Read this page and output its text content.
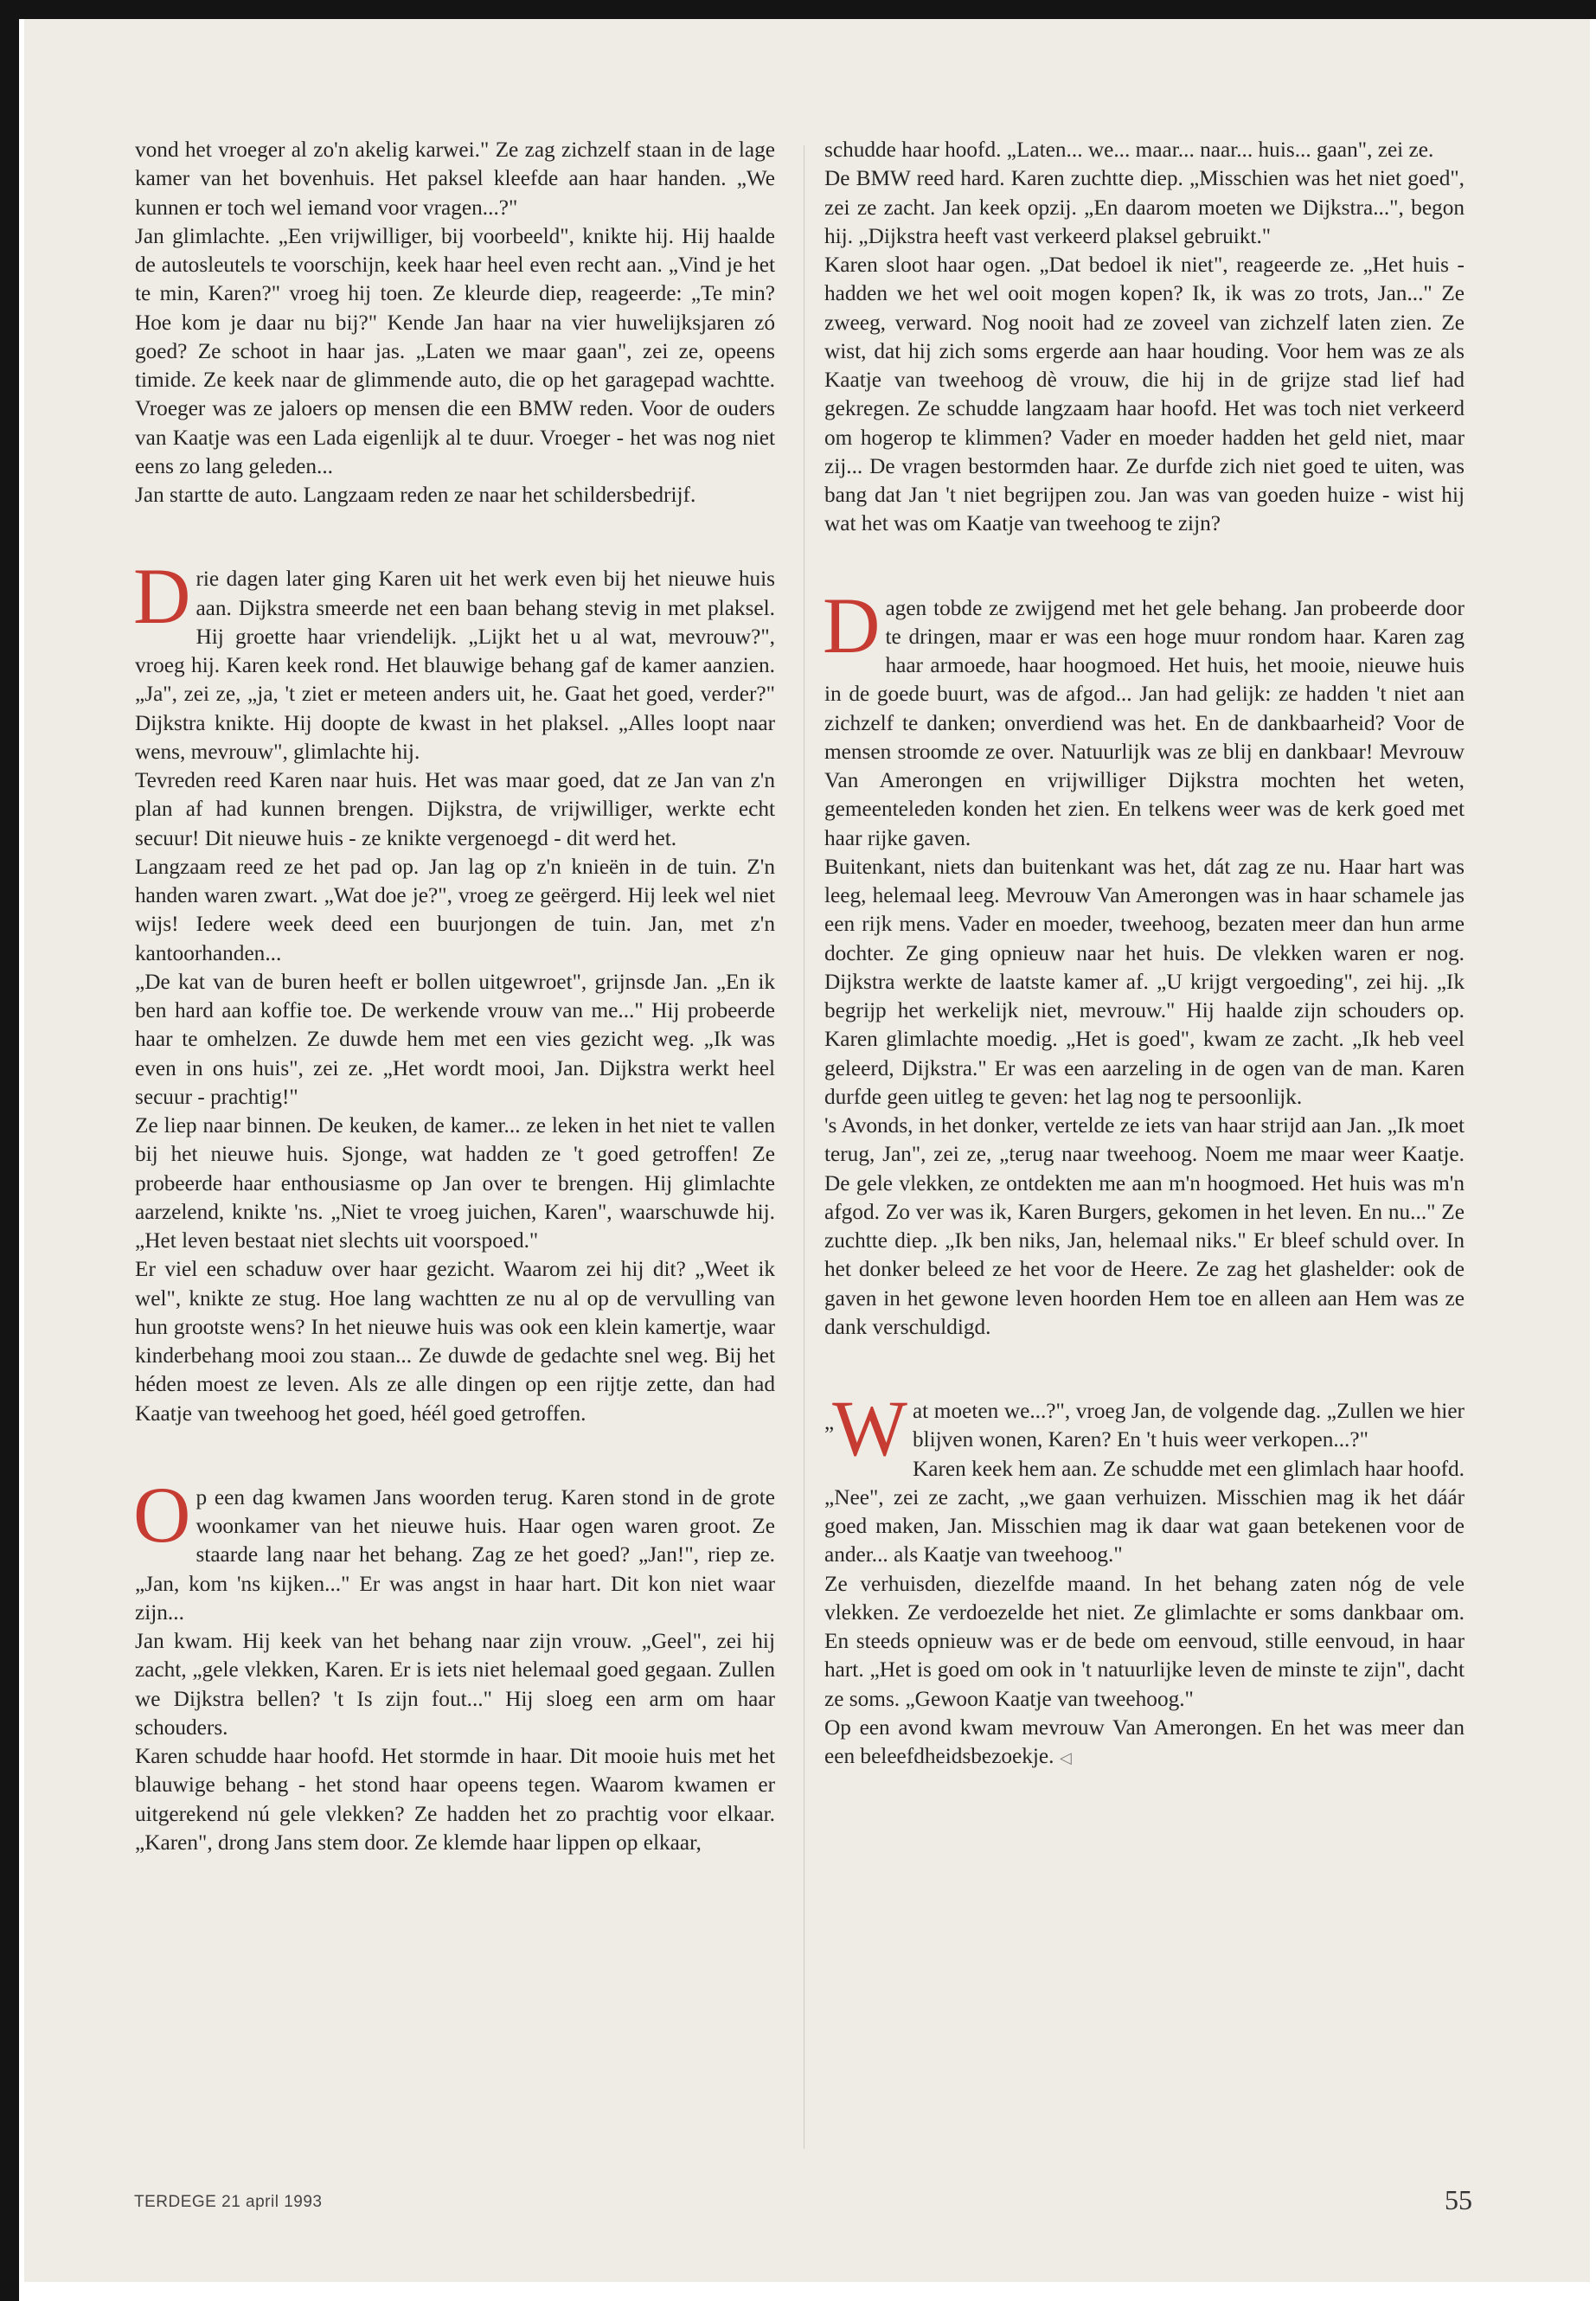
vond het vroeger al zo'n akelig karwei." Ze zag zichzelf staan in de lage kamer van het bovenhuis. Het paksel kleefde aan haar handen. „We kunnen er toch wel iemand voor vragen...?"

Jan glimlachte. „Een vrijwilliger, bij voorbeeld", knikte hij. Hij haalde de autosleutels te voorschijn, keek haar heel even recht aan. „Vind je het te min, Karen?" vroeg hij toen. Ze kleurde diep, reageerde: „Te min? Hoe kom je daar nu bij?" Kende Jan haar na vier huwelijksjaren zó goed? Ze schoot in haar jas. „Laten we maar gaan", zei ze, opeens timide. Ze keek naar de glimmende auto, die op het garagepad wachtte. Vroeger was ze jaloers op mensen die een BMW reden. Voor de ouders van Kaatje was een Lada eigenlijk al te duur. Vroeger - het was nog niet eens zo lang geleden...

Jan startte de auto. Langzaam reden ze naar het schildersbedrijf.

Drie dagen later ging Karen uit het werk even bij het nieuwe huis aan. Dijkstra smeerde net een baan behang stevig in met plaksel. Hij groette haar vriendelijk. „Lijkt het u al wat, mevrouw?", vroeg hij. Karen keek rond. Het blauwige behang gaf de kamer aanzien. „Ja", zei ze, „ja, 't ziet er meteen anders uit, he. Gaat het goed, verder?" Dijkstra knikte. Hij doopte de kwast in het plaksel. „Alles loopt naar wens, mevrouw", glimlachte hij.

Tevreden reed Karen naar huis. Het was maar goed, dat ze Jan van z'n plan af had kunnen brengen. Dijkstra, de vrijwilliger, werkte echt secuur! Dit nieuwe huis - ze knikte vergenoegd - dit werd het.

Langzaam reed ze het pad op. Jan lag op z'n knieën in de tuin. Z'n handen waren zwart. „Wat doe je?", vroeg ze geërgerd. Hij leek wel niet wijs! Iedere week deed een buurjongen de tuin. Jan, met z'n kantoorhanden...

„De kat van de buren heeft er bollen uitgewroet", grijnsde Jan. „En ik ben hard aan koffie toe. De werkende vrouw van me..." Hij probeerde haar te omhelzen. Ze duwde hem met een vies gezicht weg. „Ik was even in ons huis", zei ze. „Het wordt mooi, Jan. Dijkstra werkt heel secuur - prachtig!"

Ze liep naar binnen. De keuken, de kamer... ze leken in het niet te vallen bij het nieuwe huis. Sjonge, wat hadden ze 't goed getroffen! Ze probeerde haar enthousiasme op Jan over te brengen. Hij glimlachte aarzelend, knikte 'ns. „Niet te vroeg juichen, Karen", waarschuwde hij. „Het leven bestaat niet slechts uit voorspoed."

Er viel een schaduw over haar gezicht. Waarom zei hij dit? „Weet ik wel", knikte ze stug. Hoe lang wachtten ze nu al op de vervulling van hun grootste wens? In het nieuwe huis was ook een klein kamertje, waar kinderbehang mooi zou staan... Ze duwde de gedachte snel weg. Bij het héden moest ze leven. Als ze alle dingen op een rijtje zette, dan had Kaatje van tweehoog het goed, héél goed getroffen.

Op een dag kwamen Jans woorden terug. Karen stond in de grote woonkamer van het nieuwe huis. Haar ogen waren groot. Ze staarde lang naar het behang. Zag ze het goed? „Jan!", riep ze. „Jan, kom 'ns kijken..." Er was angst in haar hart. Dit kon niet waar zijn...

Jan kwam. Hij keek van het behang naar zijn vrouw. „Geel", zei hij zacht, „gele vlekken, Karen. Er is iets niet helemaal goed gegaan. Zullen we Dijkstra bellen? 't Is zijn fout..." Hij sloeg een arm om haar schouders.

Karen schudde haar hoofd. Het stormde in haar. Dit mooie huis met het blauwige behang - het stond haar opeens tegen. Waarom kwamen er uitgerekend nú gele vlekken? Ze hadden het zo prachtig voor elkaar. „Karen", drong Jans stem door. Ze klemde haar lippen op elkaar,

schudde haar hoofd. „Laten... we... maar... naar... huis... gaan", zei ze.

De BMW reed hard. Karen zuchtte diep. „Misschien was het niet goed", zei ze zacht. Jan keek opzij. „En daarom moeten we Dijkstra...", begon hij. „Dijkstra heeft vast verkeerd plaksel gebruikt."

Karen sloot haar ogen. „Dat bedoel ik niet", reageerde ze. „Het huis - hadden we het wel ooit mogen kopen? Ik, ik was zo trots, Jan..." Ze zweeg, verward. Nog nooit had ze zoveel van zichzelf laten zien. Ze wist, dat hij zich soms ergerde aan haar houding. Voor hem was ze als Kaatje van tweehoog dè vrouw, die hij in de grijze stad lief had gekregen. Ze schudde langzaam haar hoofd. Het was toch niet verkeerd om hogerop te klimmen? Vader en moeder hadden het geld niet, maar zij... De vragen bestormden haar. Ze durfde zich niet goed te uiten, was bang dat Jan 't niet begrijpen zou. Jan was van goeden huize - wist hij wat het was om Kaatje van tweehoog te zijn?

Dagen tobde ze zwijgend met het gele behang. Jan probeerde door te dringen, maar er was een hoge muur rondom haar. Karen zag haar armoede, haar hoogmoed. Het huis, het mooie, nieuwe huis in de goede buurt, was de afgod... Jan had gelijk: ze hadden 't niet aan zichzelf te danken; onverdiend was het. En de dankbaarheid? Voor de mensen stroomde ze over. Natuurlijk was ze blij en dankbaar! Mevrouw Van Amerongen en vrijwilliger Dijkstra mochten het weten, gemeenteleden konden het zien. En telkens weer was de kerk goed met haar rijke gaven.

Buitenkant, niets dan buitenkant was het, dát zag ze nu. Haar hart was leeg, helemaal leeg. Mevrouw Van Amerongen was in haar schamele jas een rijk mens. Vader en moeder, tweehoog, bezaten meer dan hun arme dochter. Ze ging opnieuw naar het huis. De vlekken waren er nog. Dijkstra werkte de laatste kamer af. „U krijgt vergoeding", zei hij. „Ik begrijp het werkelijk niet, mevrouw." Hij haalde zijn schouders op. Karen glimlachte moedig. „Het is goed", kwam ze zacht. „Ik heb veel geleerd, Dijkstra." Er was een aarzeling in de ogen van de man. Karen durfde geen uitleg te geven: het lag nog te persoonlijk.

's Avonds, in het donker, vertelde ze iets van haar strijd aan Jan. „Ik moet terug, Jan", zei ze, „terug naar tweehoog. Noem me maar weer Kaatje. De gele vlekken, ze ontdekten me aan m'n hoogmoed. Het huis was m'n afgod. Zo ver was ik, Karen Burgers, gekomen in het leven. En nu..." Ze zuchtte diep. „Ik ben niks, Jan, helemaal niks." Er bleef schuld over. In het donker beleed ze het voor de Heere. Ze zag het glashelder: ook de gaven in het gewone leven hoorden Hem toe en alleen aan Hem was ze dank verschuldigd.

„
W at moeten we...?", vroeg Jan, de volgende dag. „Zullen we hier blijven wonen, Karen? En 't huis weer verkopen...?"

Karen keek hem aan. Ze schudde met een glimlach haar hoofd. „Nee", zei ze zacht, „we gaan verhuizen. Misschien mag ik het dáár goed maken, Jan. Misschien mag ik daar wat gaan betekenen voor de ander... als Kaatje van tweehoog."

Ze verhuisden, diezelfde maand. In het behang zaten nóg de vele vlekken. Ze verdoezelde het niet. Ze glimlachte er soms dankbaar om. En steeds opnieuw was er de bede om eenvoud, stille eenvoud, in haar hart. „Het is goed om ook in 't natuurlijke leven de minste te zijn", dacht ze soms. „Gewoon Kaatje van tweehoog."

Op een avond kwam mevrouw Van Amerongen. En het was meer dan een beleefdheidsbezoekje. ◁

TERDEGE 21 april 1993	55
